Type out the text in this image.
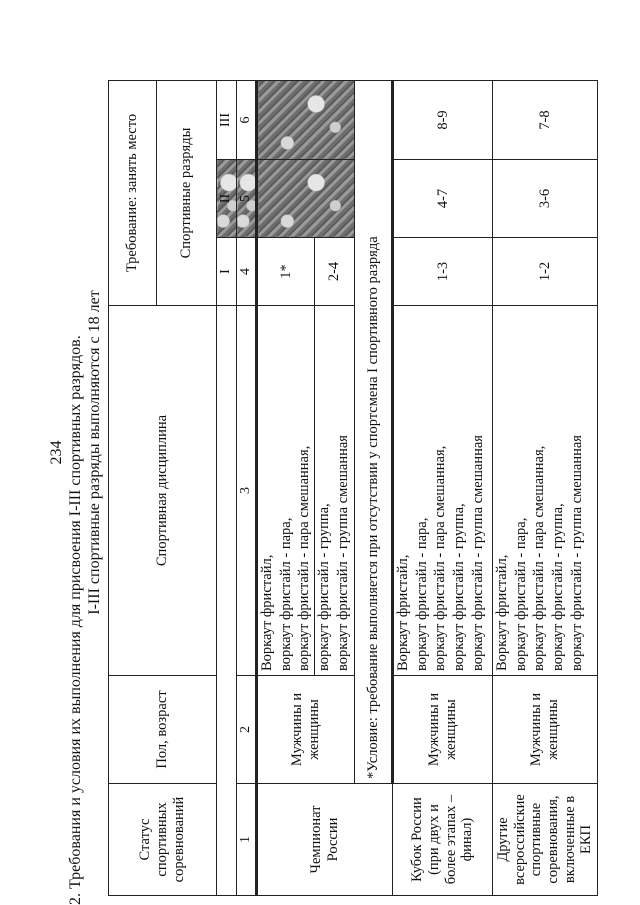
234 2. Требования и условия их выполнения для присвоения I-III спортивных разрядов. I-III спортивные разряды выполняются с 18 лет
Статус спортивных соревнований	Пол, возраст	Спортивная дисциплина	Требование: занять место		
			Спортивные разряды		
			I	II	III
1	2	3	4	5	6
Чемпионат России	Мужчины и женщины	Воркаут фристайл, воркаут фристайл - пара, воркаут фристайл - пара смешанная,	1*		

		воркаут фристайл - группа, воркаут фристайл - группа смешанная	2-4		
	*Условие: требование выполняется при отсутствии у спортсмена I спортивного разряда				
Кубок России (при двух и более этапах – финал)	Мужчины и женщины	Воркаут фристайл, воркаут фристайл - пара, воркаут фристайл - пара смешанная, воркаут фристайл - группа, воркаут фристайл - группа смешанная	1-3	4-7	8-9
Другие всероссийские спортивные соревнования, включенные в ЕКП	Мужчины и женщины	Воркаут фристайл, воркаут фристайл - пара, воркаут фристайл - пара смешанная, воркаут фристайл - группа, воркаут фристайл - группа смешанная	1-2	3-6	7-8
